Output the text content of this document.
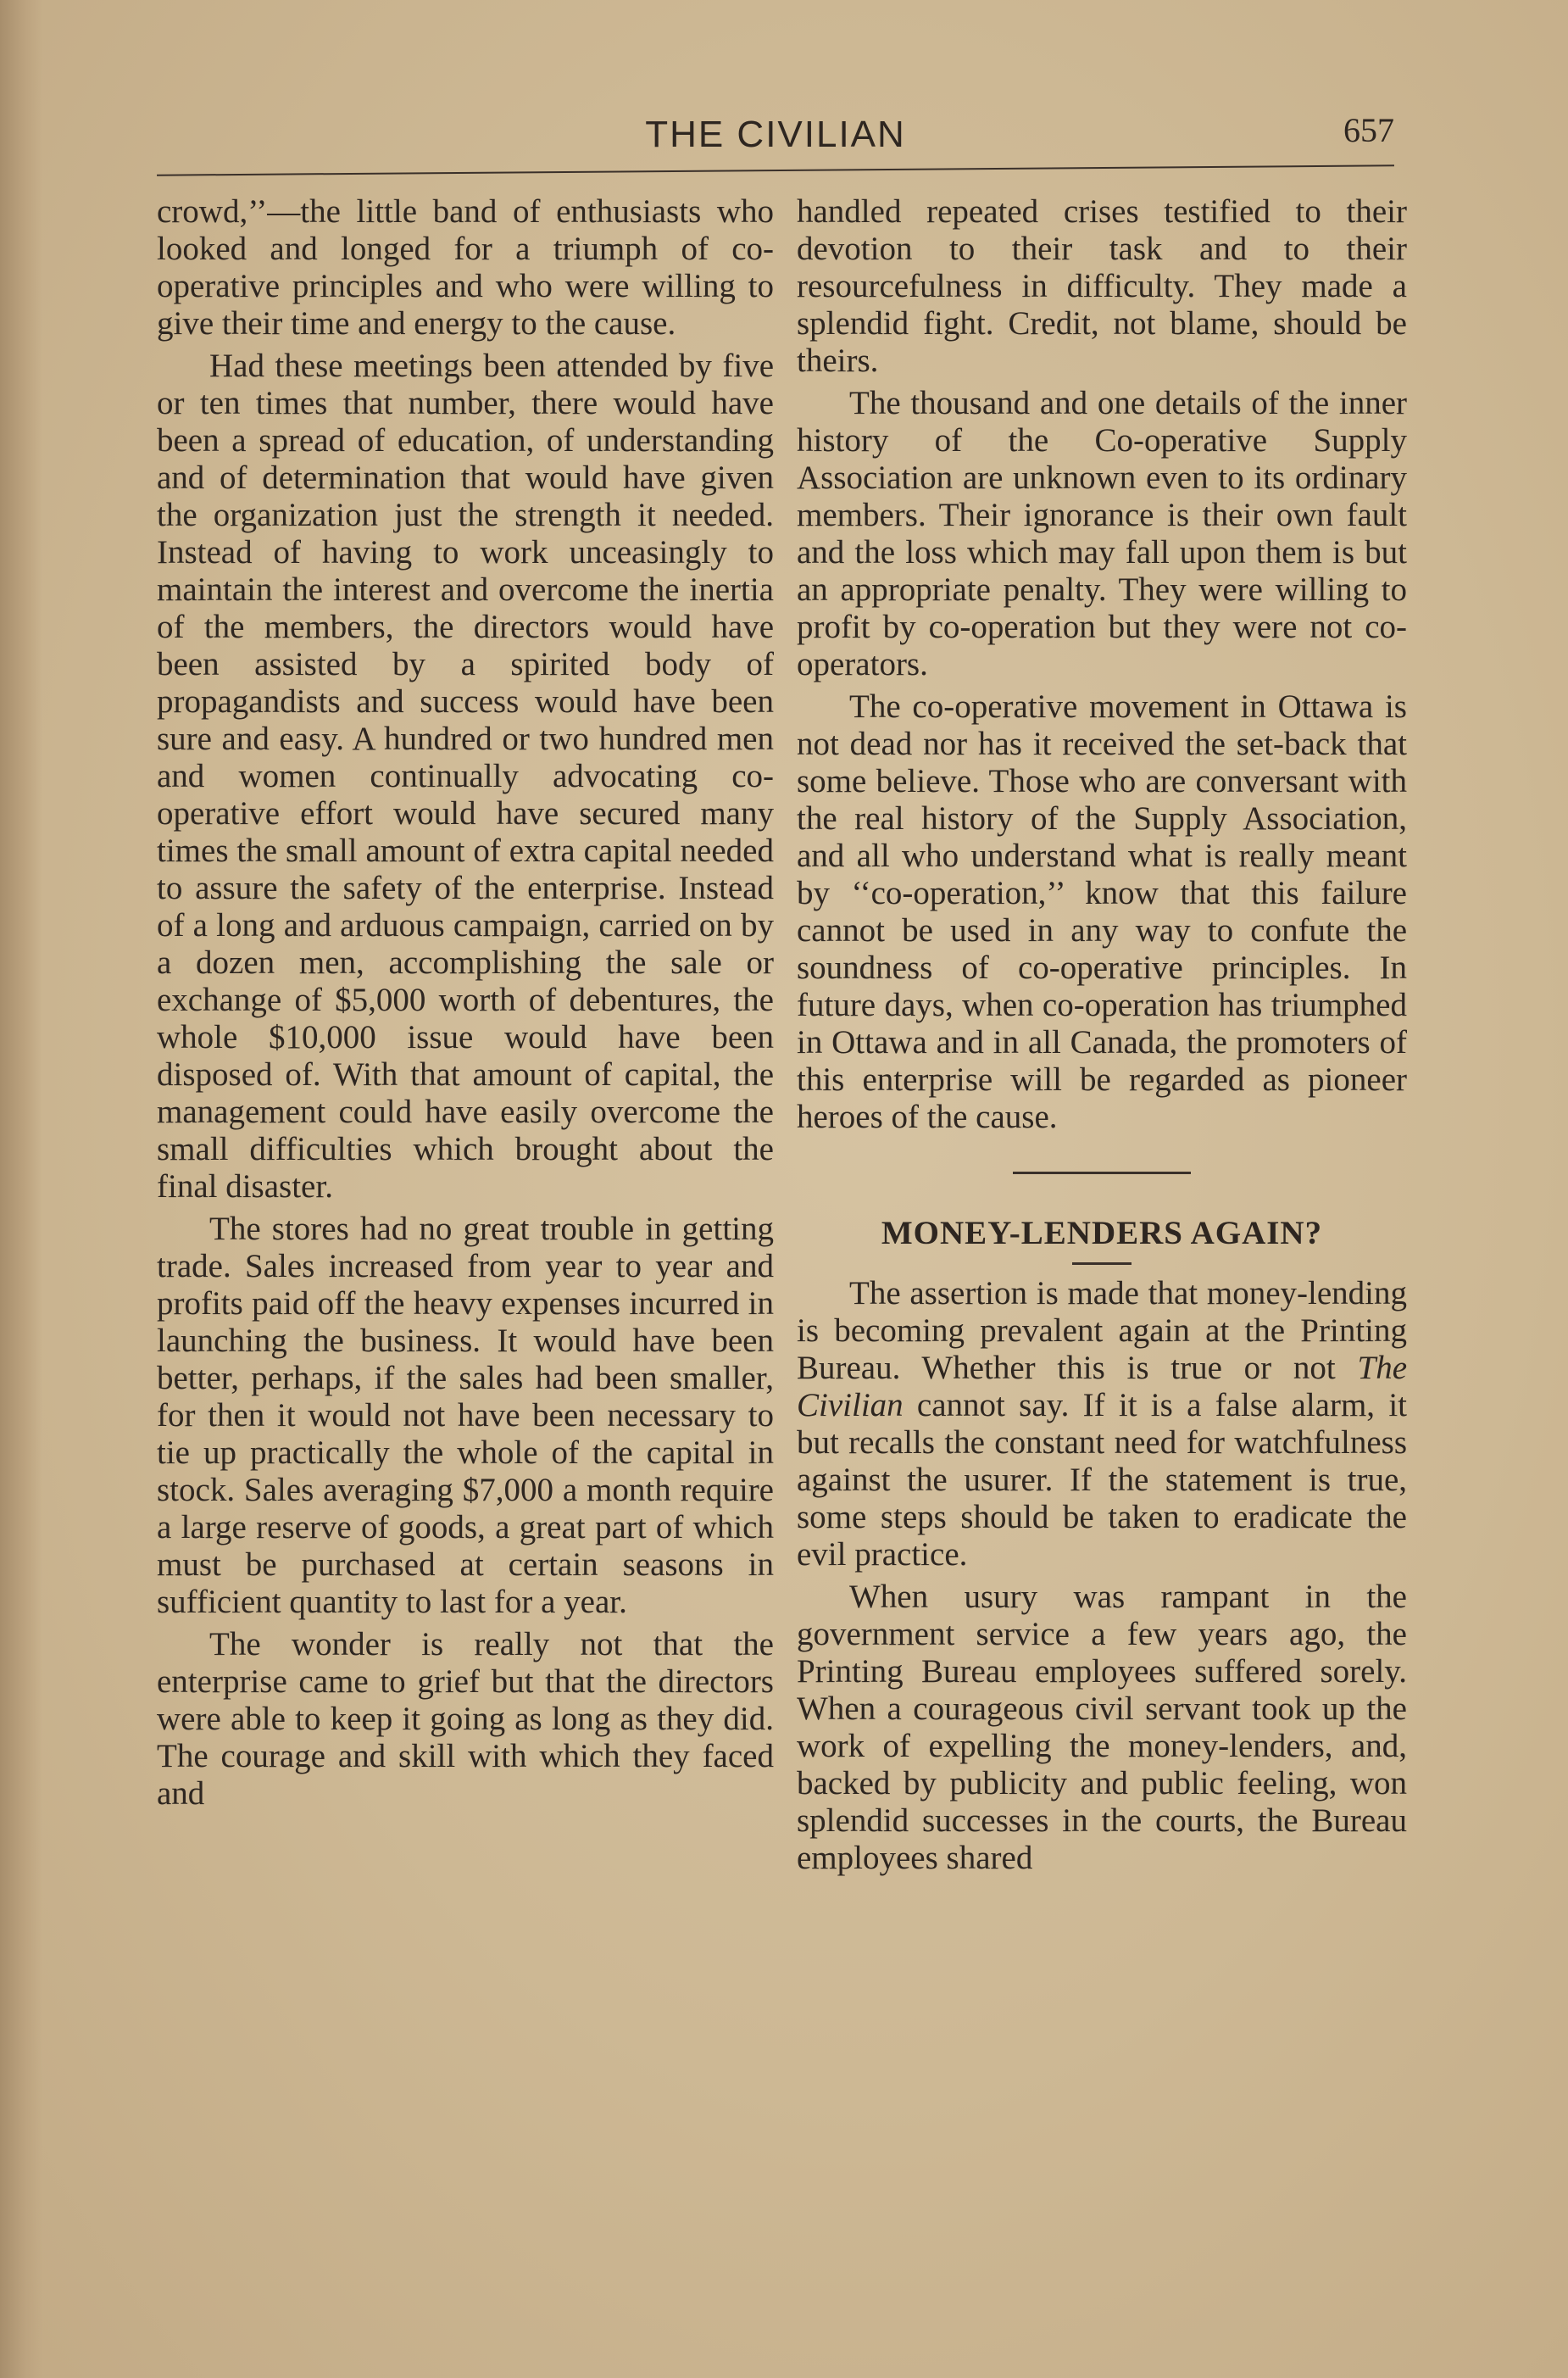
THE CIVILIAN	657

crowd,’’—the little band of enthusiasts who looked and longed for a triumph of co-operative principles and who were willing to give their time and energy to the cause.

Had these meetings been attended by five or ten times that number, there would have been a spread of education, of understanding and of determination that would have given the organization just the strength it needed. Instead of having to work unceasingly to maintain the interest and overcome the inertia of the members, the directors would have been assisted by a spirited body of propagandists and success would have been sure and easy. A hundred or two hundred men and women continually advocating co-operative effort would have secured many times the small amount of extra capital needed to assure the safety of the enterprise. Instead of a long and arduous campaign, carried on by a dozen men, accomplishing the sale or exchange of $5,000 worth of debentures, the whole $10,000 issue would have been disposed of. With that amount of capital, the management could have easily overcome the small difficulties which brought about the final disaster.

The stores had no great trouble in getting trade. Sales increased from year to year and profits paid off the heavy expenses incurred in launching the business. It would have been better, perhaps, if the sales had been smaller, for then it would not have been necessary to tie up practically the whole of the capital in stock. Sales averaging $7,000 a month require a large reserve of goods, a great part of which must be purchased at certain seasons in sufficient quantity to last for a year.

The wonder is really not that the enterprise came to grief but that the directors were able to keep it going as long as they did. The courage and skill with which they faced and

handled repeated crises testified to their devotion to their task and to their resourcefulness in difficulty. They made a splendid fight. Credit, not blame, should be theirs.

The thousand and one details of the inner history of the Co-operative Supply Association are unknown even to its ordinary members. Their ignorance is their own fault and the loss which may fall upon them is but an appropriate penalty. They were willing to profit by co-operation but they were not co-operators.

The co-operative movement in Ottawa is not dead nor has it received the set-back that some believe. Those who are conversant with the real history of the Supply Association, and all who understand what is really meant by ‘‘co-operation,’’ know that this failure cannot be used in any way to confute the soundness of co-operative principles. In future days, when co-operation has triumphed in Ottawa and in all Canada, the promoters of this enterprise will be regarded as pioneer heroes of the cause.

MONEY-LENDERS AGAIN?

The assertion is made that money-lending is becoming prevalent again at the Printing Bureau. Whether this is true or not The Civilian cannot say. If it is a false alarm, it but recalls the constant need for watchfulness against the usurer. If the statement is true, some steps should be taken to eradicate the evil practice.

When usury was rampant in the government service a few years ago, the Printing Bureau employees suffered sorely. When a courageous civil servant took up the work of expelling the money-lenders, and, backed by publicity and public feeling, won splendid successes in the courts, the Bureau employees shared
